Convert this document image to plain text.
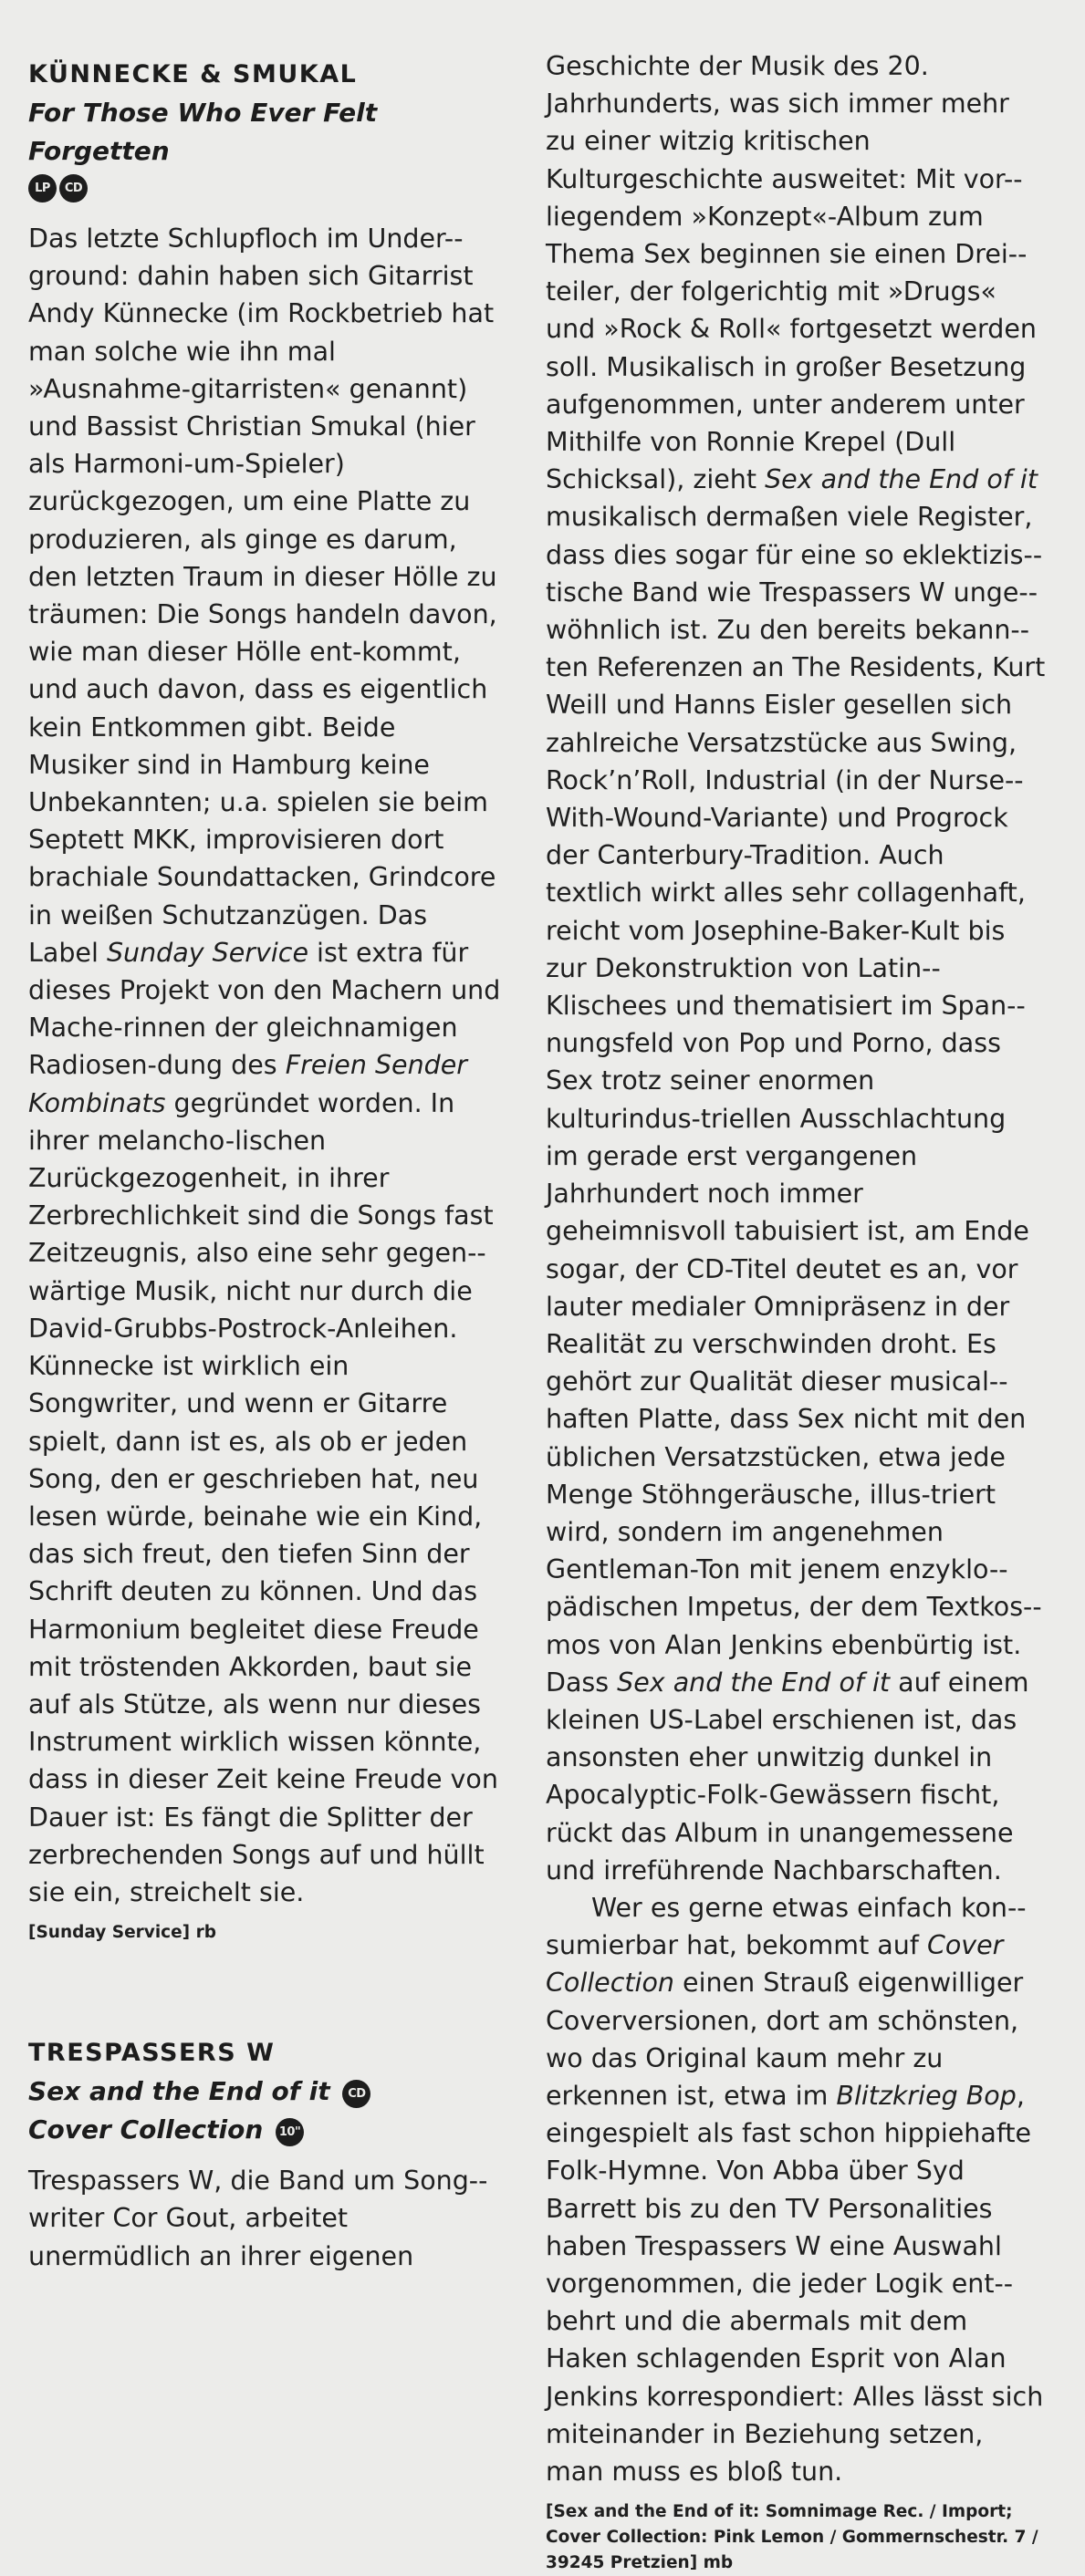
KÜNNECKE & SMUKAL
For Those Who Ever Felt Forgetten
LP CD

Das letzte Schlupfloch im Under-ground: dahin haben sich Gitarrist Andy Künnecke (im Rockbetrieb hat man solche wie ihn mal »Ausnahme-gitarristen« genannt) und Bassist Christian Smukal (hier als Harmoni-um-Spieler) zurückgezogen, um eine Platte zu produzieren, als ginge es darum, den letzten Traum in dieser Hölle zu träumen: Die Songs handeln davon, wie man dieser Hölle ent-kommt, und auch davon, dass es eigentlich kein Entkommen gibt. Beide Musiker sind in Hamburg keine Unbekannten; u.a. spielen sie beim Septett MKK, improvisieren dort brachiale Soundattacken, Grindcore in weißen Schutzanzügen. Das Label Sunday Service ist extra für dieses Projekt von den Machern und Mache-rinnen der gleichnamigen Radiosen-dung des Freien Sender Kombinats gegründet worden. In ihrer melancho-lischen Zurückgezogenheit, in ihrer Zerbrechlichkeit sind die Songs fast Zeitzeugnis, also eine sehr gegen-wärtige Musik, nicht nur durch die David-Grubbs-Postrock-Anleihen. Künnecke ist wirklich ein Songwriter, und wenn er Gitarre spielt, dann ist es, als ob er jeden Song, den er geschrieben hat, neu lesen würde, beinahe wie ein Kind, das sich freut, den tiefen Sinn der Schrift deuten zu können. Und das Harmonium begleitet diese Freude mit tröstenden Akkorden, baut sie auf als Stütze, als wenn nur dieses Instrument wirklich wissen könnte, dass in dieser Zeit keine Freude von Dauer ist: Es fängt die Splitter der zerbrechenden Songs auf und hüllt sie ein, streichelt sie.

[Sunday Service] rb
TRESPASSERS W
Sex and the End of it CD
Cover Collection 10"

Trespassers W, die Band um Song-writer Cor Gout, arbeitet unermüdlich an ihrer eigenen

Geschichte der Musik des 20. Jahrhunderts, was sich immer mehr zu einer witzig kritischen Kulturgeschichte ausweitet: Mit vor-liegendem »Konzept«-Album zum Thema Sex beginnen sie einen Drei-teiler, der folgerichtig mit »Drugs« und »Rock & Roll« fortgesetzt werden soll. Musikalisch in großer Besetzung aufgenommen, unter anderem unter Mithilfe von Ronnie Krepel (Dull Schicksal), zieht Sex and the End of it musikalisch dermaßen viele Register, dass dies sogar für eine so eklektizis-tische Band wie Trespassers W unge-wöhnlich ist. Zu den bereits bekann-ten Referenzen an The Residents, Kurt Weill und Hanns Eisler gesellen sich zahlreiche Versatzstücke aus Swing, Rock’n’Roll, Industrial (in der Nurse-With-Wound-Variante) und Progrock der Canterbury-Tradition. Auch textlich wirkt alles sehr collagenhaft, reicht vom Josephine-Baker-Kult bis zur Dekonstruktion von Latin-Klischees und thematisiert im Span-nungsfeld von Pop und Porno, dass Sex trotz seiner enormen kulturindus-triellen Ausschlachtung im gerade erst vergangenen Jahrhundert noch immer geheimnisvoll tabuisiert ist, am Ende sogar, der CD-Titel deutet es an, vor lauter medialer Omnipräsenz in der Realität zu verschwinden droht. Es gehört zur Qualität dieser musical-haften Platte, dass Sex nicht mit den üblichen Versatzstücken, etwa jede Menge Stöhngeräusche, illus-triert wird, sondern im angenehmen Gentleman-Ton mit jenem enzyklo-pädischen Impetus, der dem Textkos-mos von Alan Jenkins ebenbürtig ist. Dass Sex and the End of it auf einem kleinen US-Label erschienen ist, das ansonsten eher unwitzig dunkel in Apocalyptic-Folk-Gewässern fischt, rückt das Album in unangemessene und irreführende Nachbarschaften.

Wer es gerne etwas einfach kon-sumierbar hat, bekommt auf Cover Collection einen Strauß eigenwilliger Coverversionen, dort am schönsten, wo das Original kaum mehr zu erkennen ist, etwa im Blitzkrieg Bop, eingespielt als fast schon hippiehafte Folk-Hymne. Von Abba über Syd Barrett bis zu den TV Personalities haben Trespassers W eine Auswahl vorgenommen, die jeder Logik ent-behrt und die abermals mit dem Haken schlagenden Esprit von Alan Jenkins korrespondiert: Alles lässt sich miteinander in Beziehung setzen, man muss es bloß tun.

[Sex and the End of it: Somnimage Rec. / Import; Cover Collection: Pink Lemon / Gommernschestr. 7 / 39245 Pretzien] mb
